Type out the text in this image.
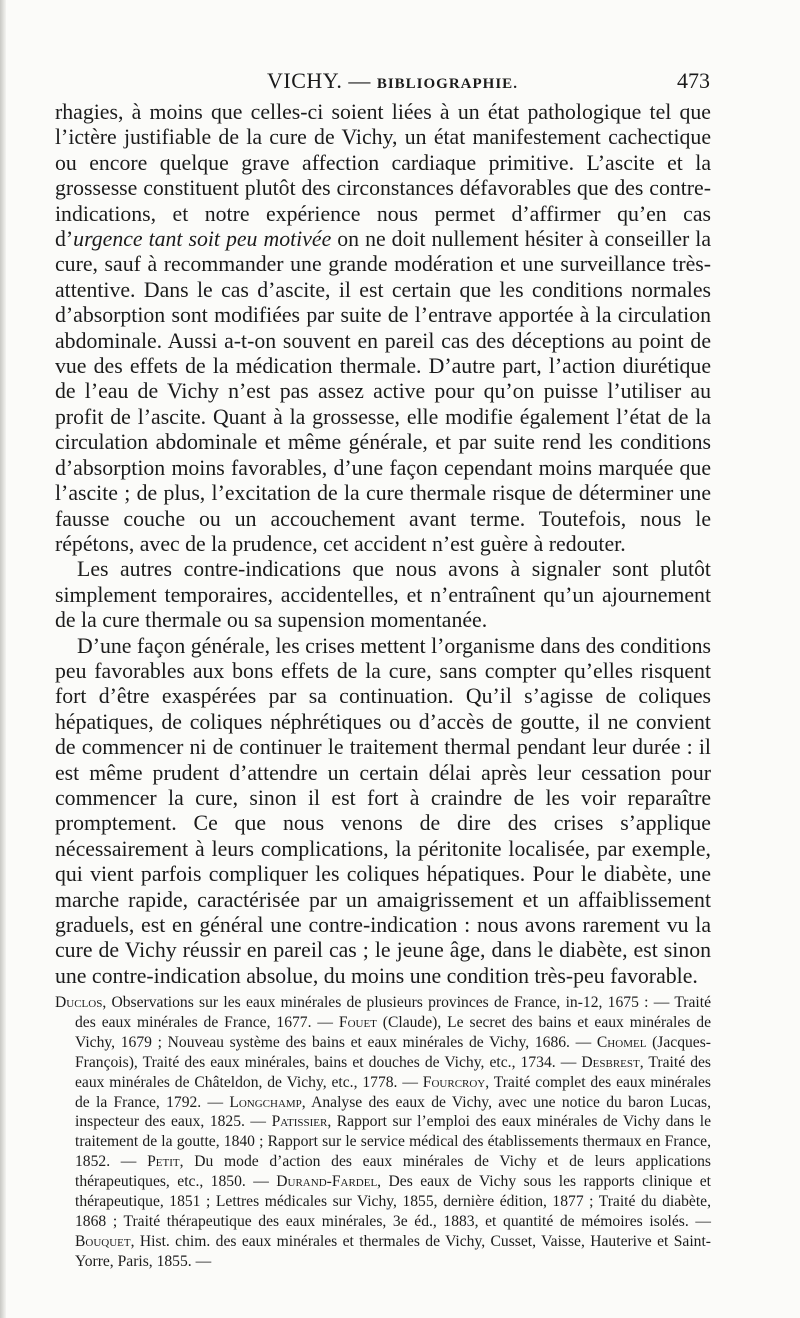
VICHY. — BIBLIOGRAPHIE.	473

rhagies, à moins que celles-ci soient liées à un état pathologique tel que l’ictère justifiable de la cure de Vichy, un état manifestement cachectique ou encore quelque grave affection cardiaque primitive. L’ascite et la grossesse constituent plutôt des circonstances défavorables que des contre-indications, et notre expérience nous permet d’affirmer qu’en cas d’urgence tant soit peu motivée on ne doit nullement hésiter à conseiller la cure, sauf à recommander une grande modération et une surveillance très-attentive. Dans le cas d’ascite, il est certain que les conditions normales d’absorption sont modifiées par suite de l’entrave apportée à la circulation abdominale. Aussi a-t-on souvent en pareil cas des déceptions au point de vue des effets de la médication thermale. D’autre part, l’action diurétique de l’eau de Vichy n’est pas assez active pour qu’on puisse l’utiliser au profit de l’ascite. Quant à la grossesse, elle modifie également l’état de la circulation abdominale et même générale, et par suite rend les conditions d’absorption moins favorables, d’une façon cependant moins marquée que l’ascite ; de plus, l’excitation de la cure thermale risque de déterminer une fausse couche ou un accouchement avant terme. Toutefois, nous le répétons, avec de la prudence, cet accident n’est guère à redouter.

Les autres contre-indications que nous avons à signaler sont plutôt simplement temporaires, accidentelles, et n’entraînent qu’un ajournement de la cure thermale ou sa supension momentanée.

D’une façon générale, les crises mettent l’organisme dans des conditions peu favorables aux bons effets de la cure, sans compter qu’elles risquent fort d’être exaspérées par sa continuation. Qu’il s’agisse de coliques hépatiques, de coliques néphrétiques ou d’accès de goutte, il ne convient de commencer ni de continuer le traitement thermal pendant leur durée : il est même prudent d’attendre un certain délai après leur cessation pour commencer la cure, sinon il est fort à craindre de les voir reparaître promptement. Ce que nous venons de dire des crises s’applique nécessairement à leurs complications, la péritonite localisée, par exemple, qui vient parfois compliquer les coliques hépatiques. Pour le diabète, une marche rapide, caractérisée par un amaigrissement et un affaiblissement graduels, est en général une contre-indication : nous avons rarement vu la cure de Vichy réussir en pareil cas ; le jeune âge, dans le diabète, est sinon une contre-indication absolue, du moins une condition très-peu favorable.

Duclos, Observations sur les eaux minérales de plusieurs provinces de France, in-12, 1675 : — Traité des eaux minérales de France, 1677. — Fouet (Claude), Le secret des bains et eaux minérales de Vichy, 1679 ; Nouveau système des bains et eaux minérales de Vichy, 1686. — Chomel (Jacques-François), Traité des eaux minérales, bains et douches de Vichy, etc., 1734. — Desbrest, Traité des eaux minérales de Châteldon, de Vichy, etc., 1778. — Fourcroy, Traité complet des eaux minérales de la France, 1792. — Longchamp, Analyse des eaux de Vichy, avec une notice du baron Lucas, inspecteur des eaux, 1825. — Patissier, Rapport sur l’emploi des eaux minérales de Vichy dans le traitement de la goutte, 1840 ; Rapport sur le service médical des établissements thermaux en France, 1852. — Petit, Du mode d’action des eaux minérales de Vichy et de leurs applications thérapeutiques, etc., 1850. — Durand-Fardel, Des eaux de Vichy sous les rapports clinique et thérapeutique, 1851 ; Lettres médicales sur Vichy, 1855, dernière édition, 1877 ; Traité du diabète, 1868 ; Traité thérapeutique des eaux minérales, 3e éd., 1883, et quantité de mémoires isolés. — Bouquet, Hist. chim. des eaux minérales et thermales de Vichy, Cusset, Vaisse, Hauterive et Saint-Yorre, Paris, 1855. —
